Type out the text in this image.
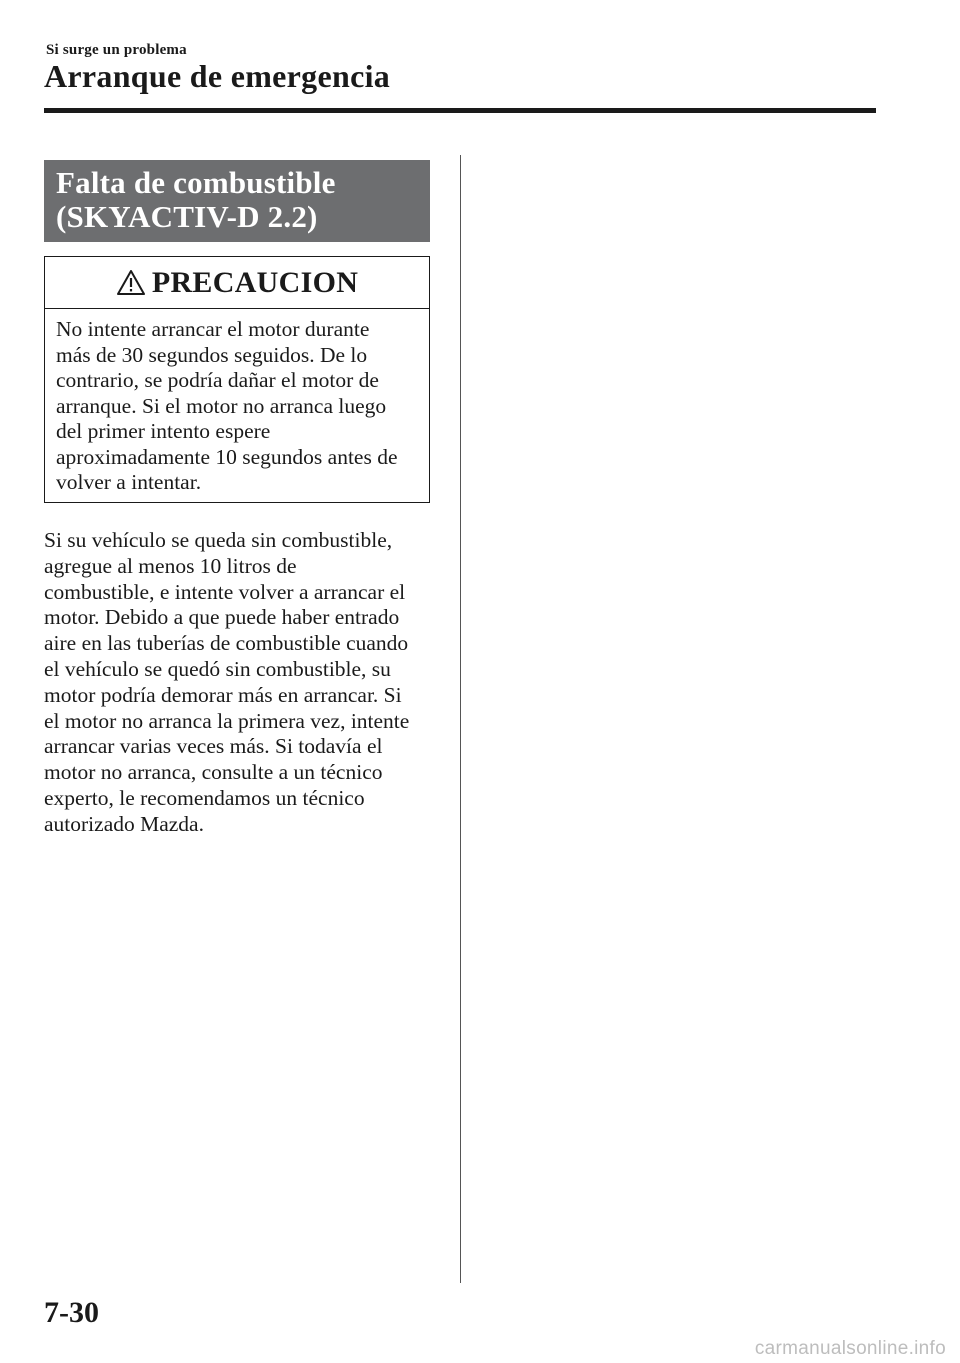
Si surge un problema
Arranque de emergencia
Falta de combustible
(SKYACTIV-D 2.2)
PRECAUCION
No intente arrancar el motor durante
más de 30 segundos seguidos. De lo
contrario, se podría dañar el motor de
arranque. Si el motor no arranca luego
del primer intento espere
aproximadamente 10 segundos antes de
volver a intentar.
Si su vehículo se queda sin combustible,
agregue al menos 10 litros de
combustible, e intente volver a arrancar el
motor. Debido a que puede haber entrado
aire en las tuberías de combustible cuando
el vehículo se quedó sin combustible, su
motor podría demorar más en arrancar. Si
el motor no arranca la primera vez, intente
arrancar varias veces más. Si todavía el
motor no arranca, consulte a un técnico
experto, le recomendamos un técnico
autorizado Mazda.
7-30
carmanualsonline.info
